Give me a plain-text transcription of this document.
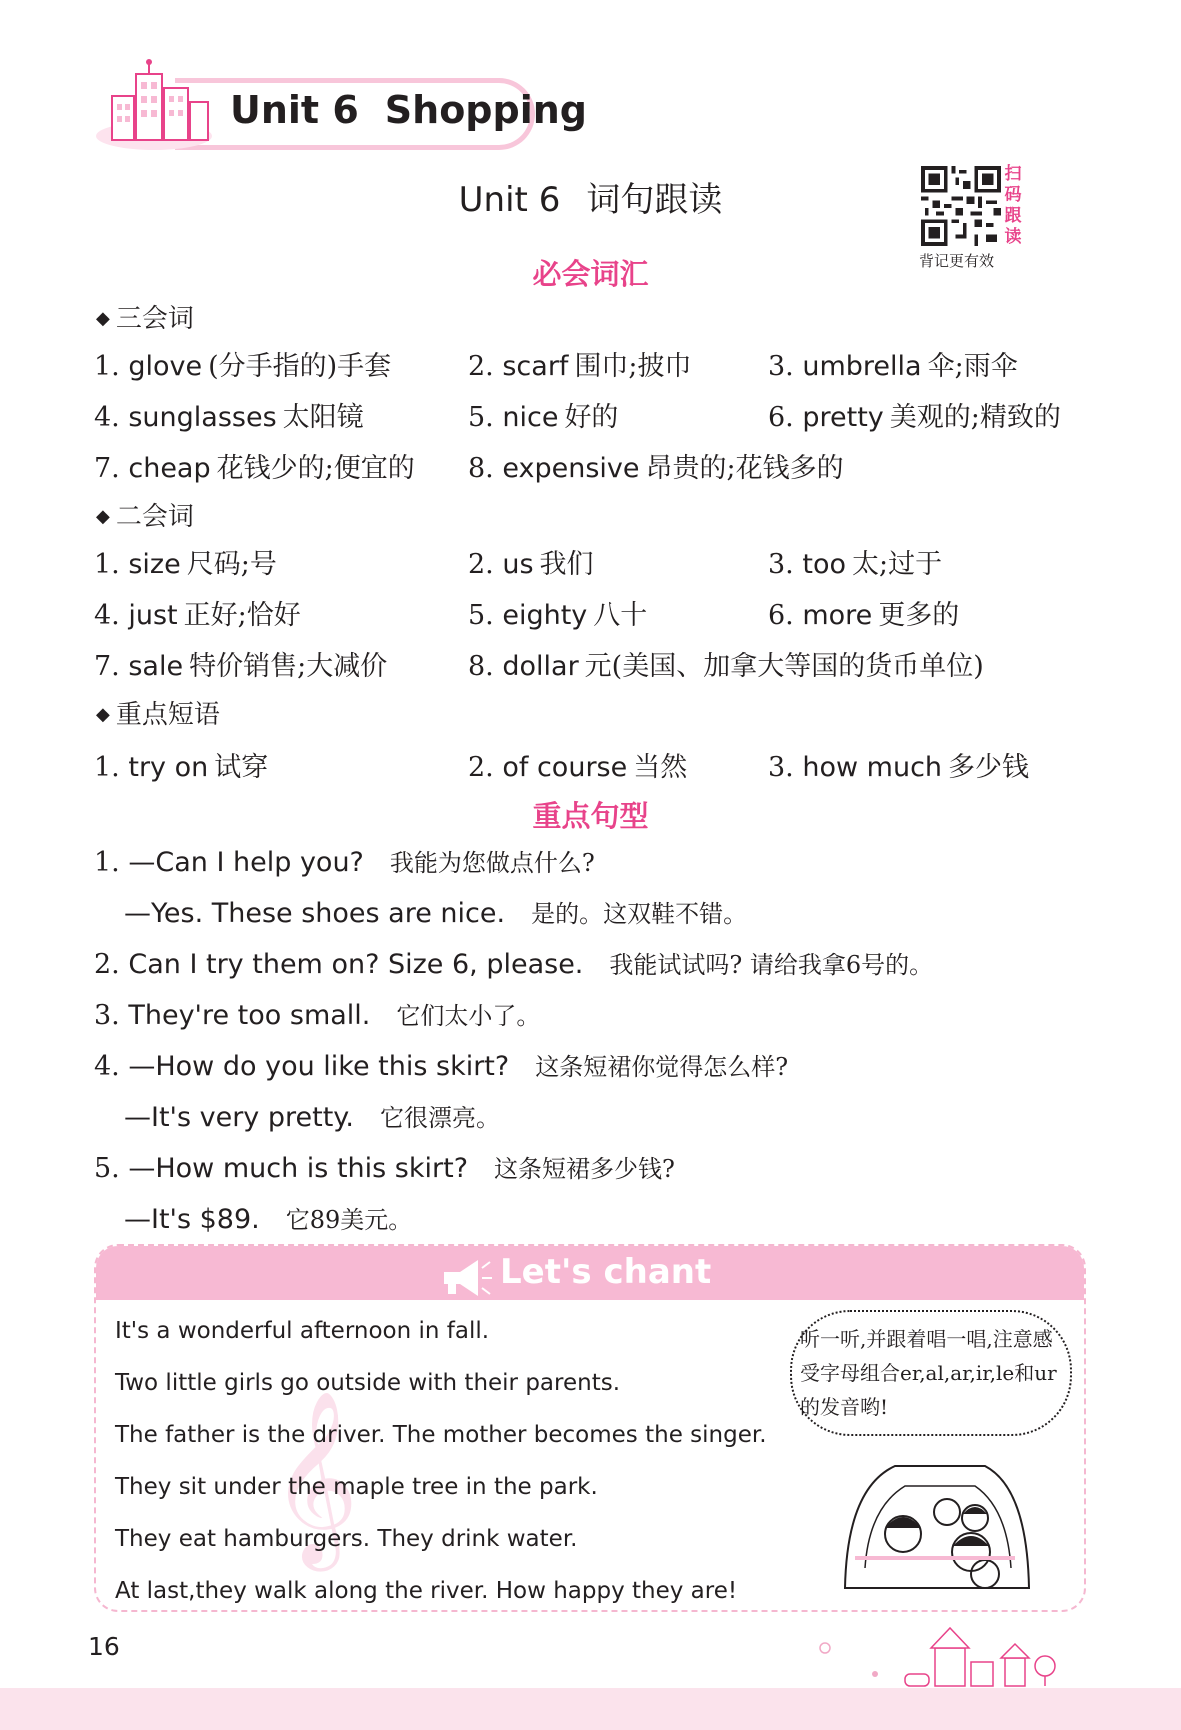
Unit 6 Shopping
Unit 6 词句跟读
扫码跟读
背记更有效
必会词汇
◆ 三会词
1. glove (分手指的)手套	2. scarf 围巾;披巾	3. umbrella 伞;雨伞
4. sunglasses 太阳镜	5. nice 好的	6. pretty 美观的;精致的
7. cheap 花钱少的;便宜的 8. expensive 昂贵的;花钱多的
◆ 二会词
1. size 尺码;号	2. us 我们	3. too 太;过于
4. just 正好;恰好	5. eighty 八十	6. more 更多的
7. sale 特价销售;大减价	8. dollar 元(美国、加拿大等国的货币单位)
◆ 重点短语
1. try on 试穿	2. of course 当然	3. how much 多少钱
重点句型
1. —Can I help you? 我能为您做点什么?
—Yes. These shoes are nice. 是的。这双鞋不错。
2. Can I try them on? Size 6, please. 我能试试吗? 请给我拿6号的。
3. They're too small. 它们太小了。
4. —How do you like this skirt? 这条短裙你觉得怎么样?
—It's very pretty. 它很漂亮。
5. —How much is this skirt? 这条短裙多少钱?
—It's $89. 它89美元。
Let's chant
𝄞
It's a wonderful afternoon in fall.
Two little girls go outside with their parents.
The father is the driver. The mother becomes the singer.
They sit under the maple tree in the park.
They eat hamburgers. They drink water.
At last,they walk along the river. How happy they are!
听一听,并跟着唱一唱,注意感受字母组合er,al,ar,ir,le和ur的发音哟!
16
